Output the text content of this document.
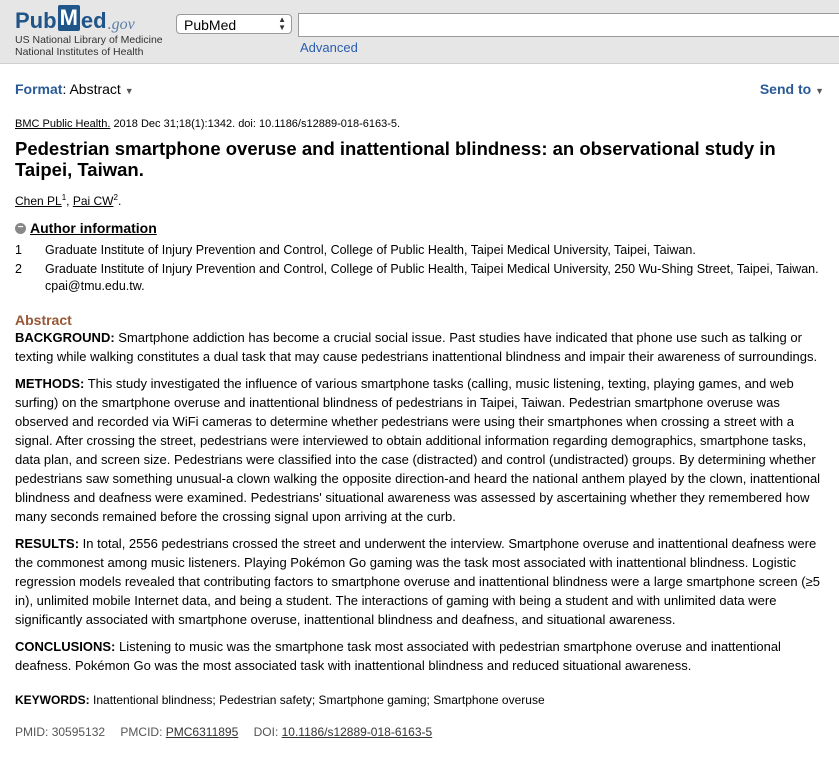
Pub M ed .gov
US National Library of Medicine
National Institutes of Health
PubMed	▲
▼
Advanced
Format: Abstract ▼	Send to ▼
BMC Public Health. 2018 Dec 31;18(1):1342. doi: 10.1186/s12889-018-6163-5.
Pedestrian smartphone overuse and inattentional blindness: an observational study in Taipei, Taiwan.
Chen $PL^1$, Pai $CW^2$.
− Author information
1	Graduate Institute of Injury Prevention and Control, College of Public Health, Taipei Medical University, Taipei, Taiwan.
2	Graduate Institute of Injury Prevention and Control, College of Public Health, Taipei Medical University, 250 Wu-Shing Street, Taipei, Taiwan. cpai@tmu.edu.tw.
Abstract

BACKGROUND: Smartphone addiction has become a crucial social issue. Past studies have indicated that phone use such as talking or texting while walking constitutes a dual task that may cause pedestrians inattentional blindness and impair their awareness of surroundings.

METHODS: This study investigated the influence of various smartphone tasks (calling, music listening, texting, playing games, and web surfing) on the smartphone overuse and inattentional blindness of pedestrians in Taipei, Taiwan. Pedestrian smartphone overuse was observed and recorded via WiFi cameras to determine whether pedestrians were using their smartphones when crossing a street with a signal. After crossing the street, pedestrians were interviewed to obtain additional information regarding demographics, smartphone tasks, data plan, and screen size. Pedestrians were classified into the case (distracted) and control (undistracted) groups. By determining whether pedestrians saw something unusual-a clown walking the opposite direction-and heard the national anthem played by the clown, inattentional blindness and deafness were examined. Pedestrians' situational awareness was assessed by ascertaining whether they remembered how many seconds remained before the crossing signal upon arriving at the curb.

RESULTS: In total, 2556 pedestrians crossed the street and underwent the interview. Smartphone overuse and inattentional deafness were the commonest among music listeners. Playing Pokémon Go gaming was the task most associated with inattentional blindness. Logistic regression models revealed that contributing factors to smartphone overuse and inattentional blindness were a large smartphone screen (≥5 in), unlimited mobile Internet data, and being a student. The interactions of gaming with being a student and with unlimited data were significantly associated with smartphone overuse, inattentional blindness and deafness, and situational awareness.

CONCLUSIONS: Listening to music was the smartphone task most associated with pedestrian smartphone overuse and inattentional deafness. Pokémon Go was the most associated task with inattentional blindness and reduced situational awareness.

KEYWORDS: Inattentional blindness; Pedestrian safety; Smartphone gaming; Smartphone overuse
PMID: 30595132 PMCID: PMC6311895 DOI: 10.1186/s12889-018-6163-5
